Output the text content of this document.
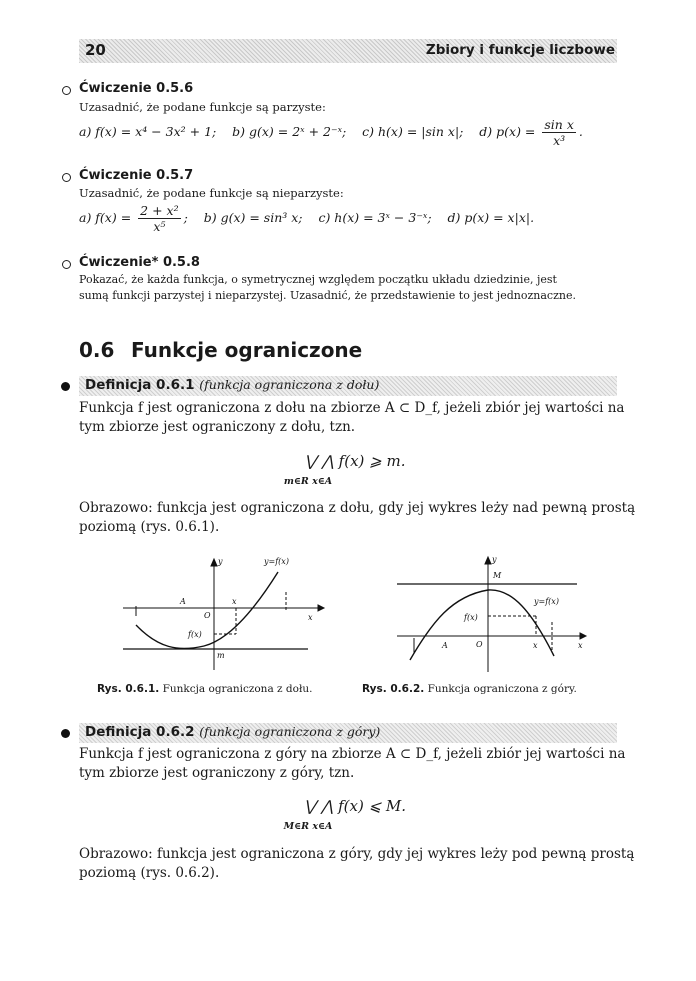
20	Zbiory i funkcje liczbowe
Ćwiczenie 0.5.6
Uzasadnić, że podane funkcje są parzyste:
a) f(x) = x⁴ − 3x² + 1; b) g(x) = 2ˣ + 2⁻ˣ; c) h(x) = |sin x|; d) $p(x) = \frac{\text{sin x}}{\text{x³}}$ .
Ćwiczenie 0.5.7
Uzasadnić, że podane funkcje są nieparzyste:
a) $f(x) = \frac{\text{2 + x²}}{\text{x⁵}}$ ; b) g(x) = sin³ x; c) h(x) = 3ˣ − 3⁻ˣ; d) p(x) = x|x|.
Ćwiczenie* 0.5.8
Pokazać, że każda funkcja, o symetrycznej względem początku układu dziedzinie, jest
sumą funkcji parzystej i nieparzystej. Uzasadnić, że przedstawienie to jest jednoznaczne.
0.6 Funkcje ograniczone
Definicja 0.6.1 (funkcja ograniczona z dołu)
Funkcja f jest ograniczona z dołu na zbiorze A ⊂ D_f, jeżeli zbiór jej wartości na
tym zbiorze jest ograniczony z dołu, tzn.
⋁ ⋀ f(x) ⩾ m.
m∈R x∈A
Obrazowo: funkcja jest ograniczona z dołu, gdy jej wykres leży nad pewną prostą
poziomą (rys. 0.6.1).
y	y=f(x)
A	x
O	x
f(x)
m
y
M
y=f(x)
f(x)
A	O	x	x
Rys. 0.6.1. Funkcja ograniczona z dołu.	Rys. 0.6.2. Funkcja ograniczona z góry.
Definicja 0.6.2 (funkcja ograniczona z góry)
Funkcja f jest ograniczona z góry na zbiorze A ⊂ D_f, jeżeli zbiór jej wartości na
tym zbiorze jest ograniczony z góry, tzn.
⋁ ⋀ f(x) ⩽ M.
M∈R x∈A
Obrazowo: funkcja jest ograniczona z góry, gdy jej wykres leży pod pewną prostą
poziomą (rys. 0.6.2).
